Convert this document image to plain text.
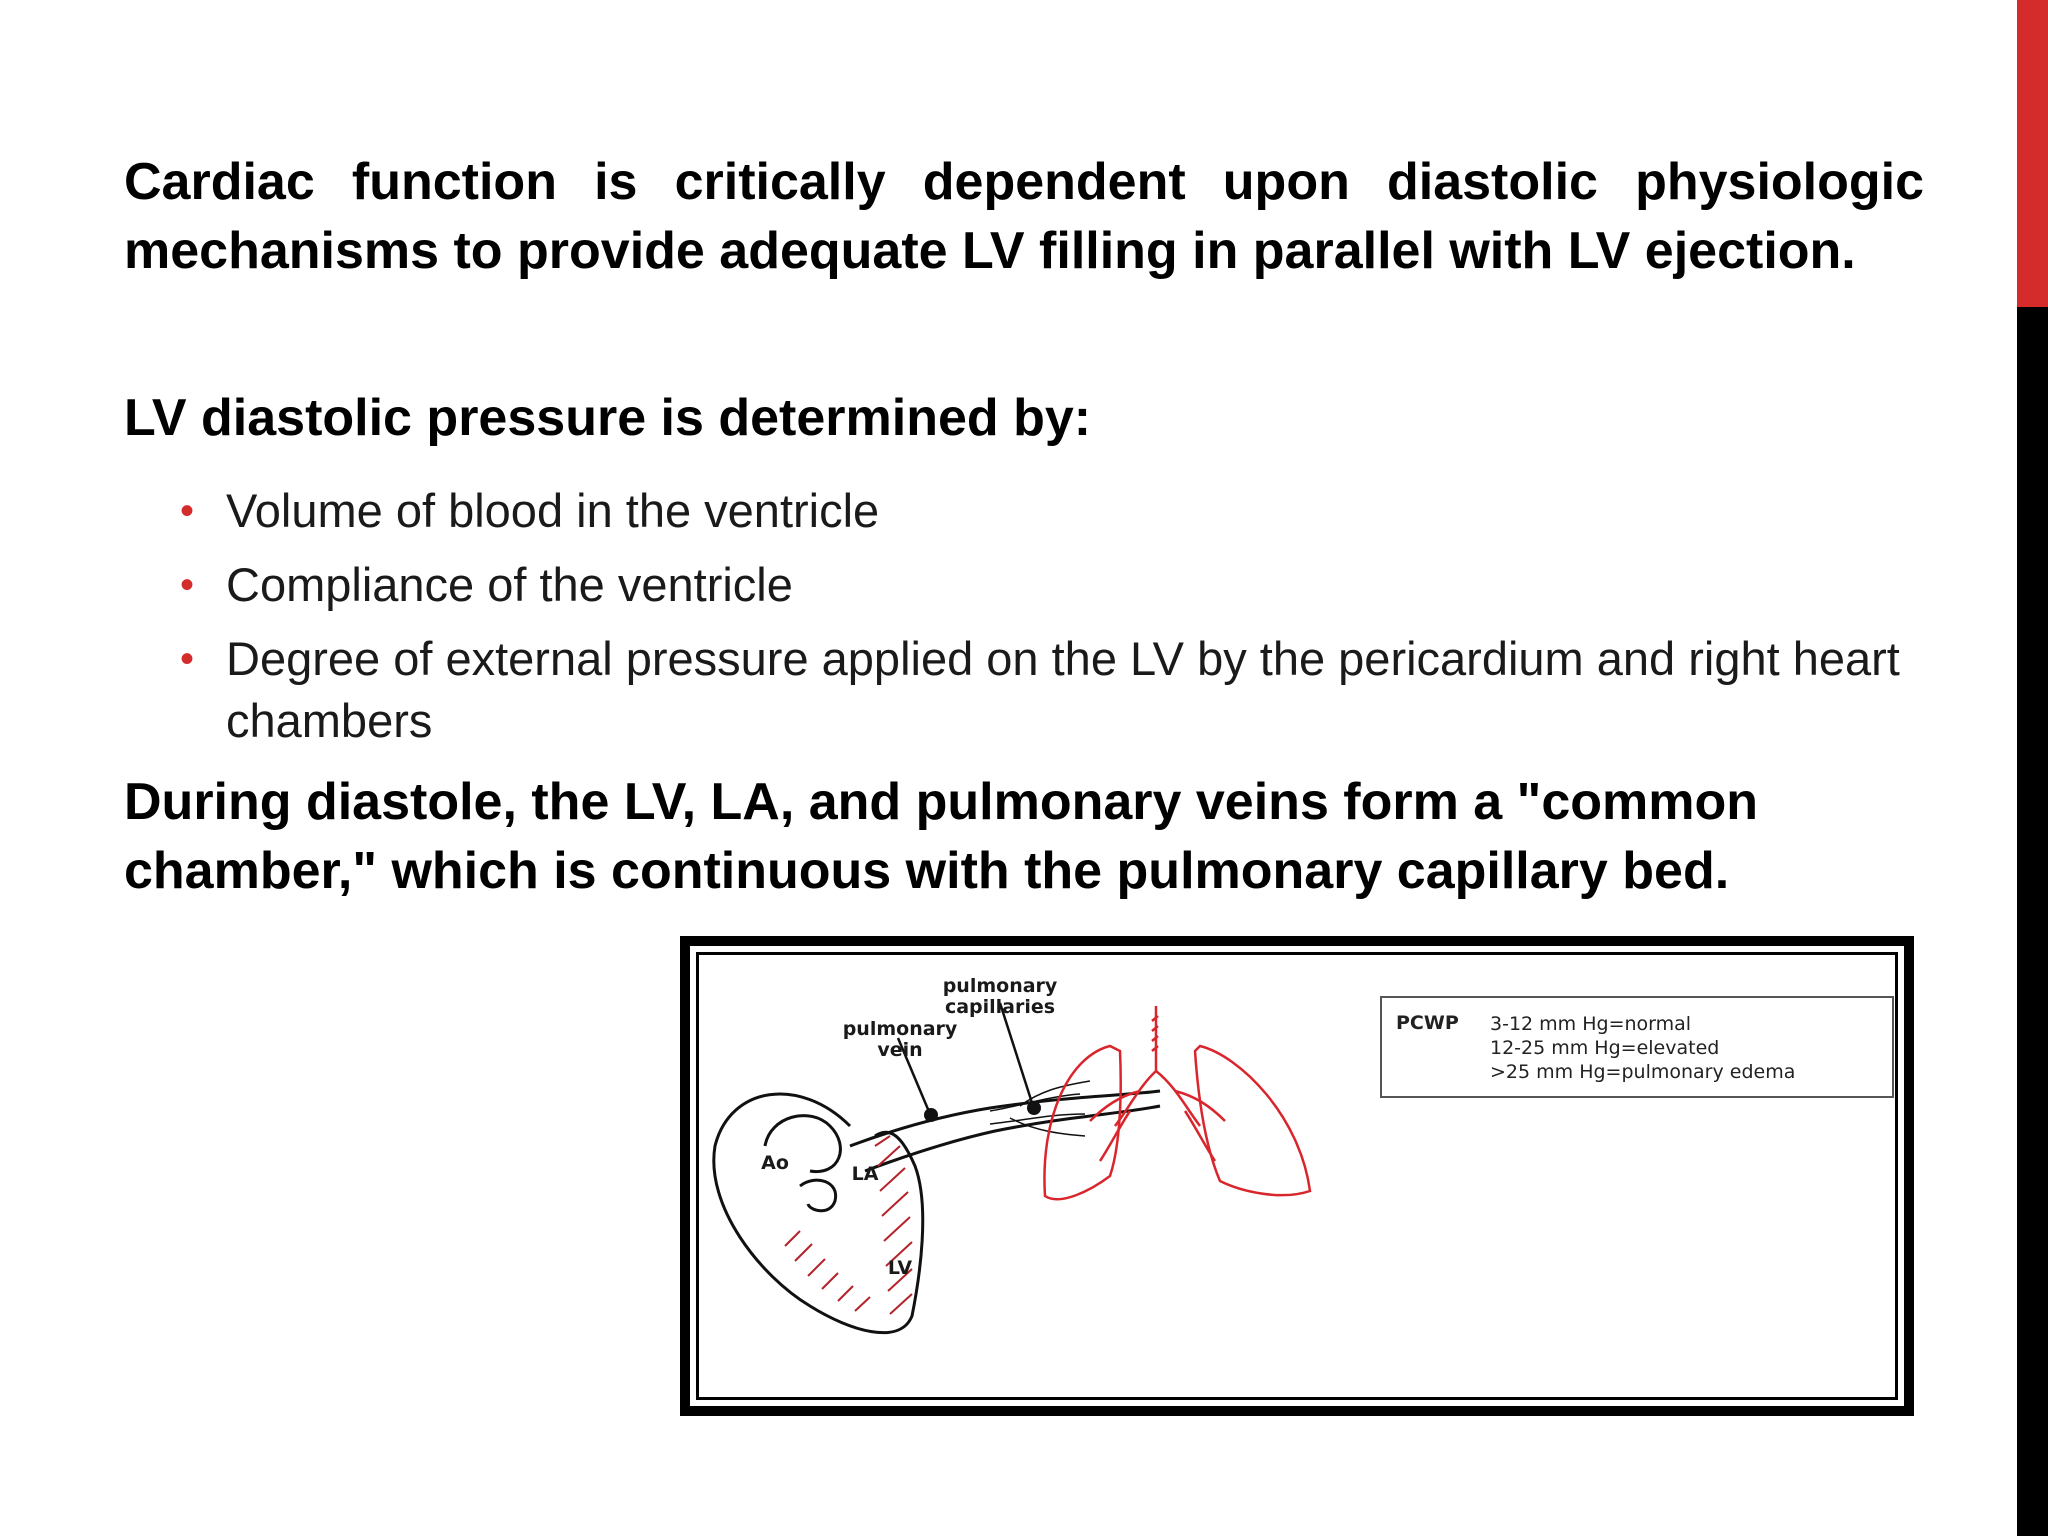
Cardiac function is critically dependent upon diastolic physiologic mechanisms to provide adequate LV filling in parallel with LV ejection.

LV diastolic pressure is determined by:

• Volume of blood in the ventricle
• Compliance of the ventricle
• Degree of external pressure applied on the LV by the pericardium and right heart chambers

During diastole, the LV, LA, and pulmonary veins form a "common chamber," which is continuous with the pulmonary capillary bed.

pulmonary capillaries
pulmonary vein
Ao	LA
LV
PCWP 3-12 mm Hg=normal
12-25 mm Hg=elevated
>25 mm Hg=pulmonary edema
